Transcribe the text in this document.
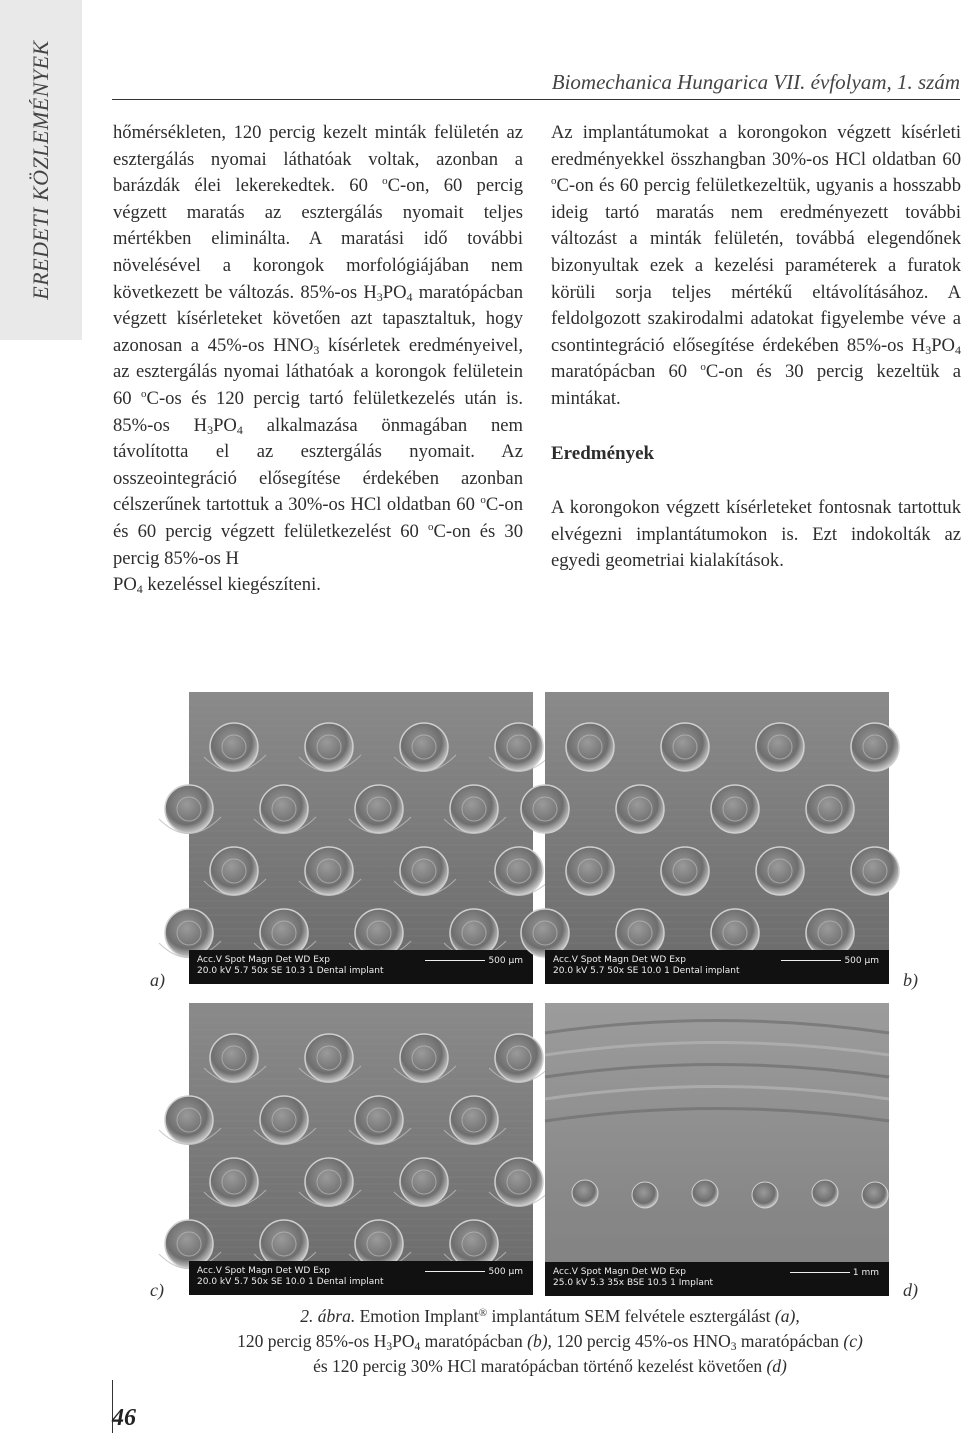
EREDETI KÖZLEMÉNYEK	Biomechanica Hungarica VII. évfolyam, 1. szám

hőmérsékleten, 120 percig kezelt minták felületén az esztergálás nyomai láthatóak voltak, azonban a barázdák élei lekerekedtek. 60 $^o$C-on, 60 percig végzett maratás az esztergálás nyomait teljes mértékben eliminálta. A maratási idő további növelésével a korongok morfológiájában nem következett be változás. 85%-os $H_3PO_4$ maratópácban végzett kísérleteket követően azt tapasztaltuk, hogy azonosan a 45%-os $HNO_3$ kísérletek eredményeivel, az esztergálás nyomai láthatóak a korongok felületein 60 $^o$C-os és 120 percig tartó felületkezelés után is. 85%-os $H_3PO_4$ alkalmazása önmagában nem távolította el az esztergálás nyomait. Az osszeointegráció elősegítése érdekében azonban célszerűnek tartottuk a 30%-os HCl oldatban 60 $^o$C-on és 60 percig végzett felületkezelést 60 $^o$C-on és 30 percig 85%-os H
$PO_4$ kezeléssel kiegészíteni.

Az implantátumokat a korongokon végzett kísérleti eredményekkel összhangban 30%-os HCl oldatban 60 $^o$C-on és 60 percig felületkezeltük, ugyanis a hosszabb ideig tartó maratás nem eredményezett további változást a minták felületén, továbbá elegendőnek bizonyultak ezek a kezelési paraméterek a furatok körüli sorja teljes mértékű eltávolításához. A feldolgozott szakirodalmi adatokat figyelembe véve a csontintegráció elősegítése érdekében 85%-os $H_3PO_4$ maratópácban 60 $^o$C-on és 30 percig kezeltük a mintákat.

Eredmények

A korongokon végzett kísérleteket fontosnak tartottuk elvégezni implantátumokon is. Ezt indokolták az egyedi geometriai kialakítások.

Acc.V Spot Magn Det WD Exp
20.0 kV 5.7 50x SE 10.3 1 Dental implant
500 μm	Acc.V Spot Magn Det WD Exp
20.0 kV 5.7 50x SE 10.0 1 Dental implant
500 μm
Acc.V Spot Magn Det WD Exp
20.0 kV 5.7 50x SE 10.0 1 Dental implant
500 μm	Acc.V Spot Magn Det WD Exp
25.0 kV 5.3 35x BSE 10.5 1 Implant
1 mm
a)	b)
c)	d)
2. ábra. Emotion Implant® implantátum SEM felvétele esztergálást (a),
120 percig 85%-os $H_3PO_4$ maratópácban (b), 120 percig 45%-os $HNO_3$ maratópácban (c)
és 120 percig 30% HCl maratópácban történő kezelést követően (d)
46
